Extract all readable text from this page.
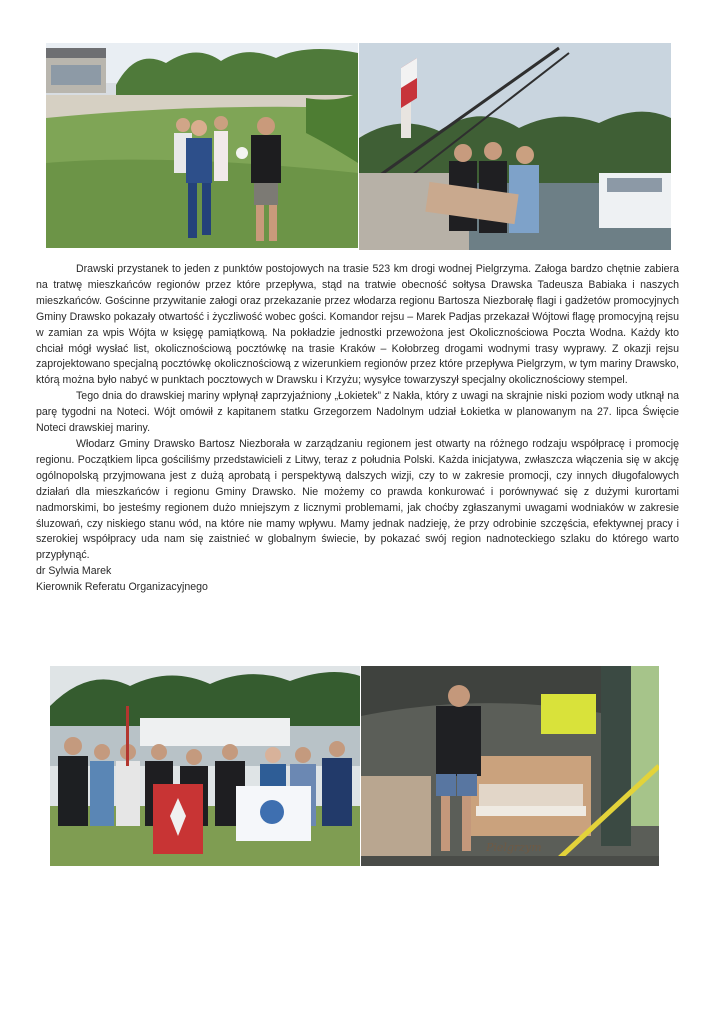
Drawski przystanek to jeden z punktów postojowych na trasie 523 km drogi wodnej Pielgrzyma. Załoga bardzo chętnie zabiera na tratwę mieszkańców regionów przez które przepływa, stąd na tratwie obecność sołtysa Drawska Tadeusza Babiaka i naszych mieszkańców. Gościnne przywitanie załogi oraz przekazanie przez włodarza regionu Bartosza Niezborałę flagi i gadżetów promocyjnych Gminy Drawsko pokazały otwartość i życzliwość wobec gości. Komandor rejsu – Marek Padjas przekazał Wójtowi flagę promocyjną rejsu w zamian za wpis Wójta w księgę pamiątkową. Na pokładzie jednostki przewożona jest Okolicznościowa Poczta Wodna. Każdy kto chciał mógł wysłać list, okolicznościową pocztówkę na trasie Kraków – Kołobrzeg drogami wodnymi trasy wyprawy. Z okazji rejsu zaprojektowano specjalną pocztówkę okolicznościową z wizerunkiem regionów przez które przepływa Pielgrzym, w tym mariny Drawsko, którą można było nabyć w punktach pocztowych w Drawsku i Krzyżu; wysyłce towarzyszył specjalny okolicznościowy stempel.

Tego dnia do drawskiej mariny wpłynął zaprzyjaźniony „Łokietek” z Nakła, który z uwagi na skrajnie niski poziom wody utknął na parę tygodni na Noteci. Wójt omówił z kapitanem statku Grzegorzem Nadolnym udział Łokietka w planowanym na 27. lipca Święcie Noteci drawskiej mariny.

Włodarz Gminy Drawsko Bartosz Niezborała w zarządzaniu regionem jest otwarty na różnego rodzaju współpracę i promocję regionu. Początkiem lipca gościliśmy przedstawicieli z Litwy, teraz z południa Polski. Każda inicjatywa, zwłaszcza włączenia się w akcję ogólnopolską przyjmowana jest z dużą aprobatą i perspektywą dalszych wizji, czy to w zakresie promocji, czy innych długofalowych działań dla mieszkańców i regionu Gminy Drawsko. Nie możemy co prawda konkurować i porównywać się z dużymi kurortami nadmorskimi, bo jesteśmy regionem dużo mniejszym z licznymi problemami, jak choćby zgłaszanymi uwagami wodniaków w zakresie śluzowań, czy niskiego stanu wód, na które nie mamy wpływu. Mamy jednak nadzieję, że przy odrobinie szczęścia, efektywnej pracy i szerokiej współpracy uda nam się zaistnieć w globalnym świecie, by pokazać swój region nadnoteckiego szlaku do którego warto przypłynąć.

dr Sylwia Marek

Kierownik Referatu Organizacyjnego

Pielgrzym
